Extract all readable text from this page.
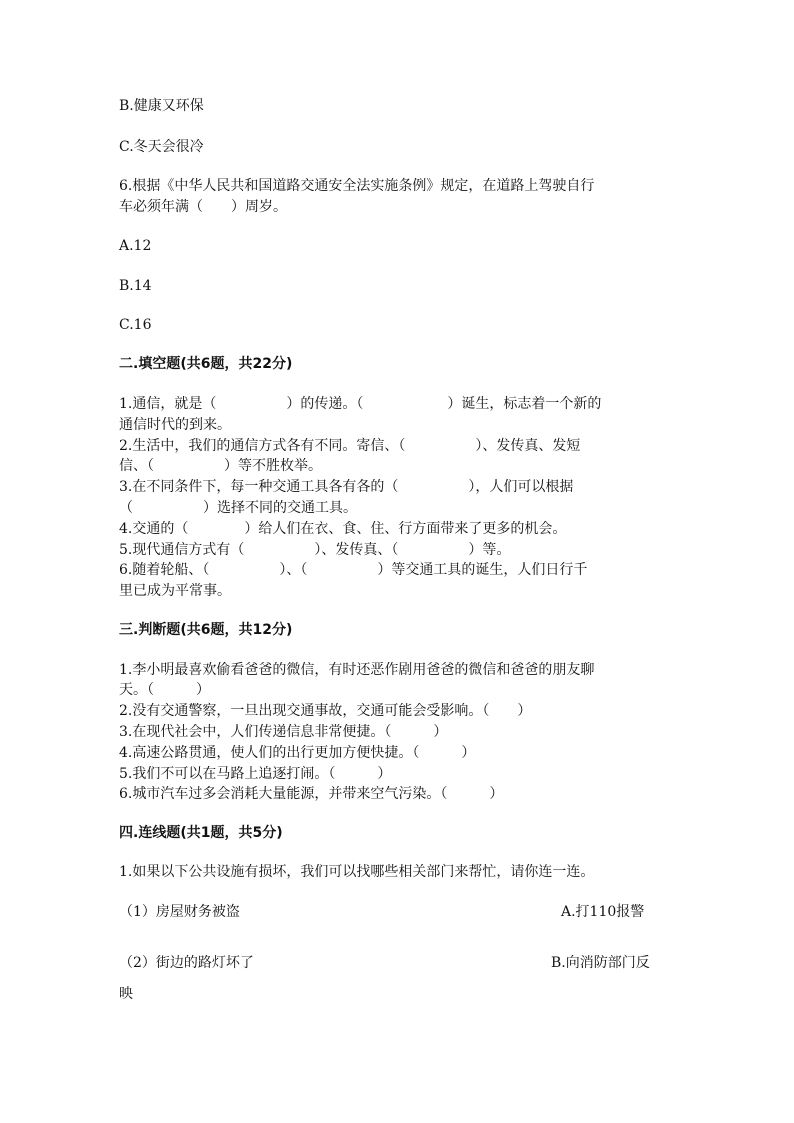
B.健康又环保
C.冬天会很冷
6.根据《中华人民共和国道路交通安全法实施条例》规定，在道路上驾驶自行
车必须年满（　　）周岁。
A.12
B.14
C.16
二.填空题(共6题，共22分)
1.通信，就是（　　　　　）的传递。（　　　　　　）诞生，标志着一个新的
通信时代的到来。
2.生活中，我们的通信方式各有不同。寄信、（　　　　　）、发传真、发短
信、（　　　　　）等不胜枚举。
3.在不同条件下，每一种交通工具各有各的（　　　　　），人们可以根据
（　　　　　）选择不同的交通工具。
4.交通的（　　　　）给人们在衣、食、住、行方面带来了更多的机会。
5.现代通信方式有（　　　　　）、发传真、（　　　　　）等。
6.随着轮船、（　　　　　）、（　　　　　）等交通工具的诞生，人们日行千
里已成为平常事。
三.判断题(共6题，共12分)
1.李小明最喜欢偷看爸爸的微信，有时还恶作剧用爸爸的微信和爸爸的朋友聊
天。（　　　）
2.没有交通警察，一旦出现交通事故，交通可能会受影响。（　　）
3.在现代社会中，人们传递信息非常便捷。（　　　）
4.高速公路贯通，使人们的出行更加方便快捷。（　　　）
5.我们不可以在马路上追逐打闹。（　　　）
6.城市汽车过多会消耗大量能源，并带来空气污染。（　　　）
四.连线题(共1题，共5分)
1.如果以下公共设施有损坏，我们可以找哪些相关部门来帮忙，请你连一连。
（1）房屋财务被盗	A.打110报警
（2）街边的路灯坏了	B.向消防部门反
映
